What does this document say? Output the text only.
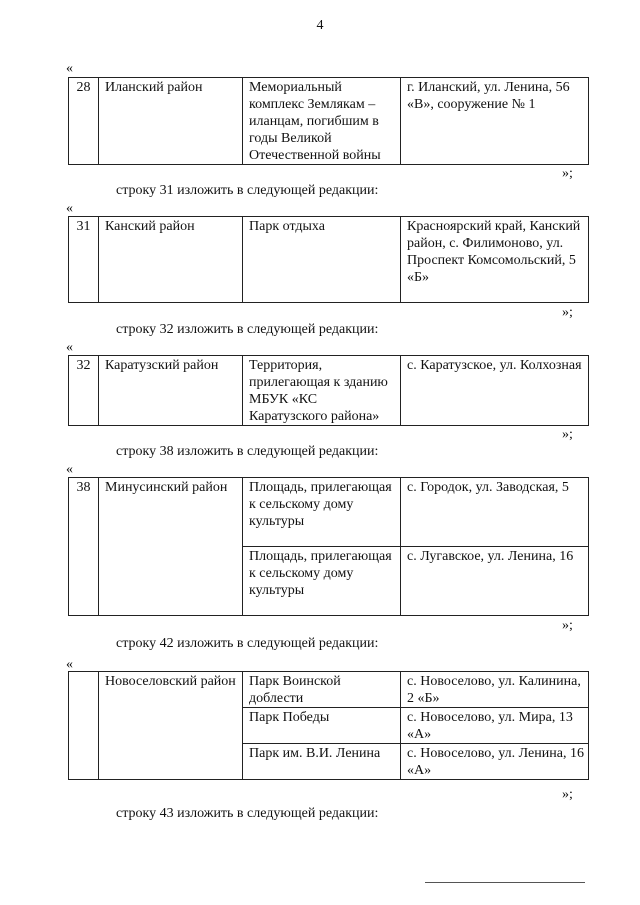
4
«
28	Иланский район	Мемориальный комплекс Землякам – иланцам, погибшим в годы Великой Отечественной войны	г. Иланский, ул. Ленина, 56 «В», сооружение № 1
»;
строку 31 изложить в следующей редакции:
«
31	Канский район	Парк отдыха	Красноярский край, Канский район, с. Филимоново, ул. Проспект Комсомольский, 5 «Б»
»;
строку 32 изложить в следующей редакции:
«
32	Каратузский район	Территория, прилегающая к зданию МБУК «КС Каратузского района»	с. Каратузское, ул. Колхозная
»;
строку 38 изложить в следующей редакции:
«
38	Минусинский район	Площадь, прилегающая к сельскому дому культуры	с. Городок, ул. Заводская, 5
		Площадь, прилегающая к сельскому дому культуры	с. Лугавское, ул. Ленина, 16
»;
строку 42 изложить в следующей редакции:
«
	Новоселовский район	Парк Воинской доблести	с. Новоселово, ул. Калинина, 2 «Б»
		Парк Победы	с. Новоселово, ул. Мира, 13 «А»
		Парк им. В.И. Ленина	с. Новоселово, ул. Ленина, 16 «А»
»;
строку 43 изложить в следующей редакции:
